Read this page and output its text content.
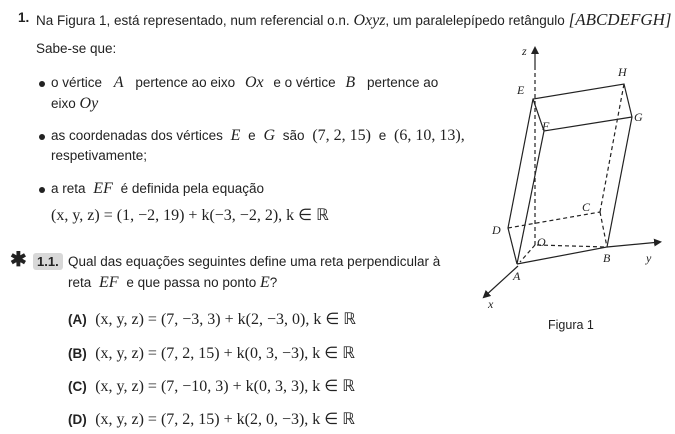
1. Na Figura 1, está representado, num referencial o.n. Oxyz, um paralelepípedo retângulo [ABCDEFGH]
Sabe-se que:
o vértice A pertence ao eixo Ox e o vértice B pertence ao
eixo Oy
as coordenadas dos vértices E e G são (7, 2, 15) e (6, 10, 13),
respetivamente;
a reta EF é definida pela equação
(x, y, z) = (1, −2, 19) + k(−3, −2, 2), k ∈ ℝ
✱ 1.1. Qual das equações seguintes define uma reta perpendicular à
reta EF e que passa no ponto E?
(A) (x, y, z) = (7, −3, 3) + k(2, −3, 0), k ∈ ℝ
(B) (x, y, z) = (7, 2, 15) + k(0, 3, −3), k ∈ ℝ
(C) (x, y, z) = (7, −10, 3) + k(0, 3, 3), k ∈ ℝ
(D) (x, y, z) = (7, 2, 15) + k(2, 0, −3), k ∈ ℝ
z
y
x
E
H
G
F
C
D
O
B
A
Figura 1
